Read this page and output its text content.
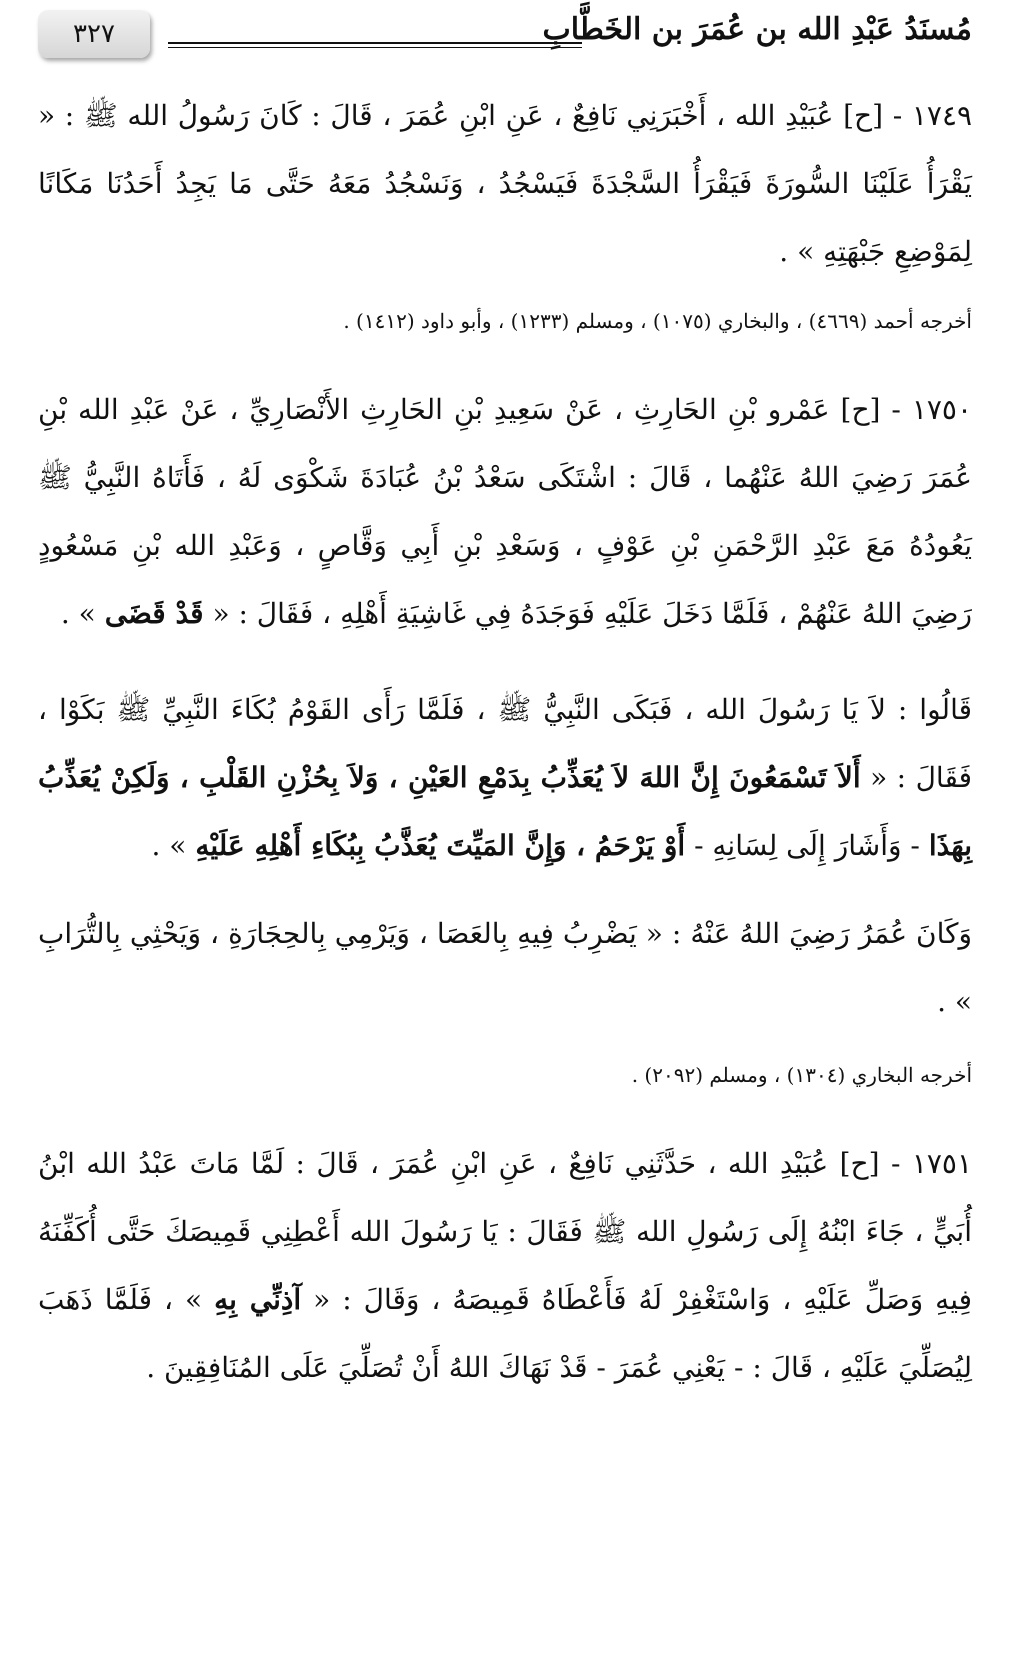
مُسنَدُ عَبْدِ الله بن عُمَرَ بن الخَطَّابِ
٣٢٧

١٧٤٩ - [ح] عُبَيْدِ الله ، أَخْبَرَنِي نَافِعٌ ، عَنِ ابْنِ عُمَرَ ، قَالَ : كَانَ رَسُولُ الله ﷺ : « يَقْرَأُ عَلَيْنَا السُّورَةَ فَيَقْرَأُ السَّجْدَةَ فَيَسْجُدُ ، وَنَسْجُدُ مَعَهُ حَتَّى مَا يَجِدُ أَحَدُنَا مَكَانًا لِمَوْضِعِ جَبْهَتِهِ » .

أخرجه أحمد (٤٦٦٩) ، والبخاري (١٠٧٥) ، ومسلم (١٢٣٣) ، وأبو داود (١٤١٢) .

١٧٥٠ - [ح] عَمْرو بْنِ الحَارِثِ ، عَنْ سَعِيدِ بْنِ الحَارِثِ الأَنْصَارِيِّ ، عَنْ عَبْدِ الله بْنِ عُمَرَ رَضِيَ اللهُ عَنْهُما ، قَالَ : اشْتَكَى سَعْدُ بْنُ عُبَادَةَ شَكْوَى لَهُ ، فَأَتَاهُ النَّبِيُّ ﷺ يَعُودُهُ مَعَ عَبْدِ الرَّحْمَنِ بْنِ عَوْفٍ ، وَسَعْدِ بْنِ أَبِي وَقَّاصٍ ، وَعَبْدِ الله بْنِ مَسْعُودٍ رَضِيَ اللهُ عَنْهُمْ ، فَلَمَّا دَخَلَ عَلَيْهِ فَوَجَدَهُ فِي غَاشِيَةِ أَهْلِهِ ، فَقَالَ : « قَدْ قَضَى » .

قَالُوا : لاَ يَا رَسُولَ الله ، فَبَكَى النَّبِيُّ ﷺ ، فَلَمَّا رَأَى القَوْمُ بُكَاءَ النَّبِيِّ ﷺ بَكَوْا ، فَقَالَ : « أَلاَ تَسْمَعُونَ إِنَّ اللهَ لاَ يُعَذِّبُ بِدَمْعِ العَيْنِ ، وَلاَ بِحُزْنِ القَلْبِ ، وَلَكِنْ يُعَذِّبُ بِهَذَا - وَأَشَارَ إِلَى لِسَانِهِ - أَوْ يَرْحَمُ ، وَإِنَّ المَيِّتَ يُعَذَّبُ بِبُكَاءِ أَهْلِهِ عَلَيْهِ » .

وَكَانَ عُمَرُ رَضِيَ اللهُ عَنْهُ : « يَضْرِبُ فِيهِ بِالعَصَا ، وَيَرْمِي بِالحِجَارَةِ ، وَيَحْثِي بِالتُّرَابِ » .

أخرجه البخاري (١٣٠٤) ، ومسلم (٢٠٩٢) .

١٧٥١ - [ح] عُبَيْدِ الله ، حَدَّثَنِي نَافِعٌ ، عَنِ ابْنِ عُمَرَ ، قَالَ : لَمَّا مَاتَ عَبْدُ الله ابْنُ أُبَيٍّ ، جَاءَ ابْنُهُ إِلَى رَسُولِ الله ﷺ فَقَالَ : يَا رَسُولَ الله أَعْطِنِي قَمِيصَكَ حَتَّى أُكَفِّنَهُ فِيهِ وَصَلِّ عَلَيْهِ ، وَاسْتَغْفِرْ لَهُ فَأَعْطَاهُ قَمِيصَهُ ، وَقَالَ : « آذِنِّي بِهِ » ، فَلَمَّا ذَهَبَ لِيُصَلِّيَ عَلَيْهِ ، قَالَ : - يَعْنِي عُمَرَ - قَدْ نَهَاكَ اللهُ أَنْ تُصَلِّيَ عَلَى المُنَافِقِينَ .
